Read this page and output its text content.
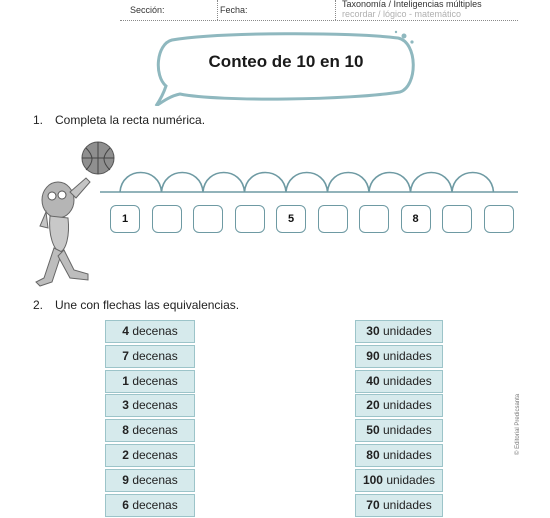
Sección:	Fecha:
Taxonomía / Inteligencias múltiples
recordar / lógico - matemático
Conteo de 10 en 10
1. Completa la recta numérica.
1	5	8
2. Une con flechas las equivalencias.
4 decenas
7 decenas
1 decenas
3 decenas
8 decenas
2 decenas
9 decenas
6 decenas
30 unidades
90 unidades
40 unidades
20 unidades
50 unidades
80 unidades
100 unidades
70 unidades
© Editorial Predicsanta
